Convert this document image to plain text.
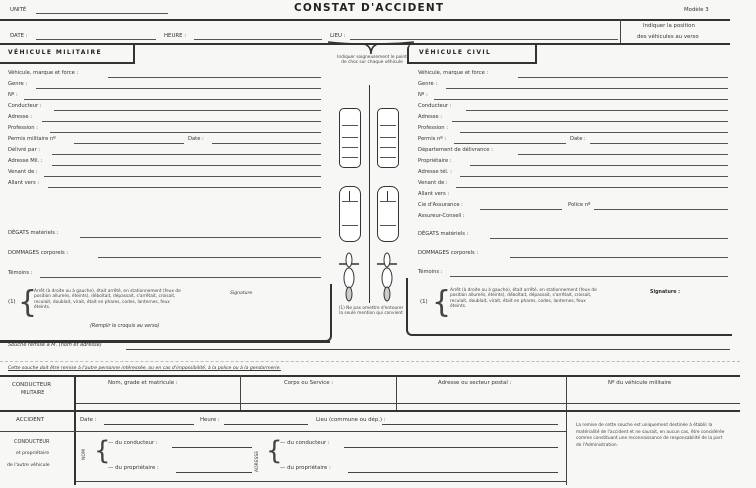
UNITÉ	CONSTAT D'ACCIDENT	Modèle 3
DATE :	HEURE :	LIEU :
Indiquer la position
des véhicules au verso
VÉHICULE MILITAIRE
Véhicule, marque et force :
Genre :
Nº :
Conducteur :
Adresse :
Profession :
Permis militaire nº	Date :
Délivré par :
Adresse Mil. :
Venant de :
Allant vers :
DÉGATS matériels :
DOMMAGES corporels :
Témoins :
(1) {
Arrêt (à droite ou à gauche), était arrêté, en stationnement (feux de position allumés, éteints), déboîtait, dépassait, s'arrêtait, croisait, reculait, doublait, virait, était en phares, codes, lanternes, feux éteints.
Signature
(Remplir le croquis au verso)
Indiquer soigneusement le point de choc sur chaque véhicule
(1) Ne pas omettre d'entourer la seule mention qui convient
VÉHICULE CIVIL
Véhicule, marque et force :
Genre :
Nº :
Conducteur :
Adresse :
Profession :
Permis nº :	Date :
Département de délivrance :
Propriétaire :
Adresse tél. :
Venant de :
Allant vers :
Cie d'Assurance :	Police nº
Assureur-Conseil :
DÉGATS matériels :
DOMMAGES corporels :
Témoins :
(1) {
Arrêt (à droite ou à gauche), était arrêté, en stationnement (feux de position allumés, éteints), déboîtait, dépassait, s'arrêtait, croisait, reculait, doublait, virait, était en phares, codes, lanternes, feux éteints.
Signature :
Souche remise à M. (nom et adresse)
Cette souche doit être remise à l'autre personne intéressée, ou en cas d'impossibilité, à la police ou à la gendarmerie.
CONDUCTEUR
MILITAIRE
Nom, grade et matricule :	Corps ou Service :	Adresse ou secteur postal :	Nº du véhicule militaire
ACCIDENT	Date :	Heure :	Lieu (commune ou dép.) :
CONDUCTEUR
et propriétaire
de l'autre véhicule
NOM {
— du conducteur :
— du propriétaire :	ADRESSE {
— du conducteur :
— du propriétaire :
La remise de cette souche est uniquement destinée à établir la matérialité de l'accident et ne saurait, en aucun cas, être considérée comme constituant une reconnaissance de responsabilité de la part de l'Administration.
